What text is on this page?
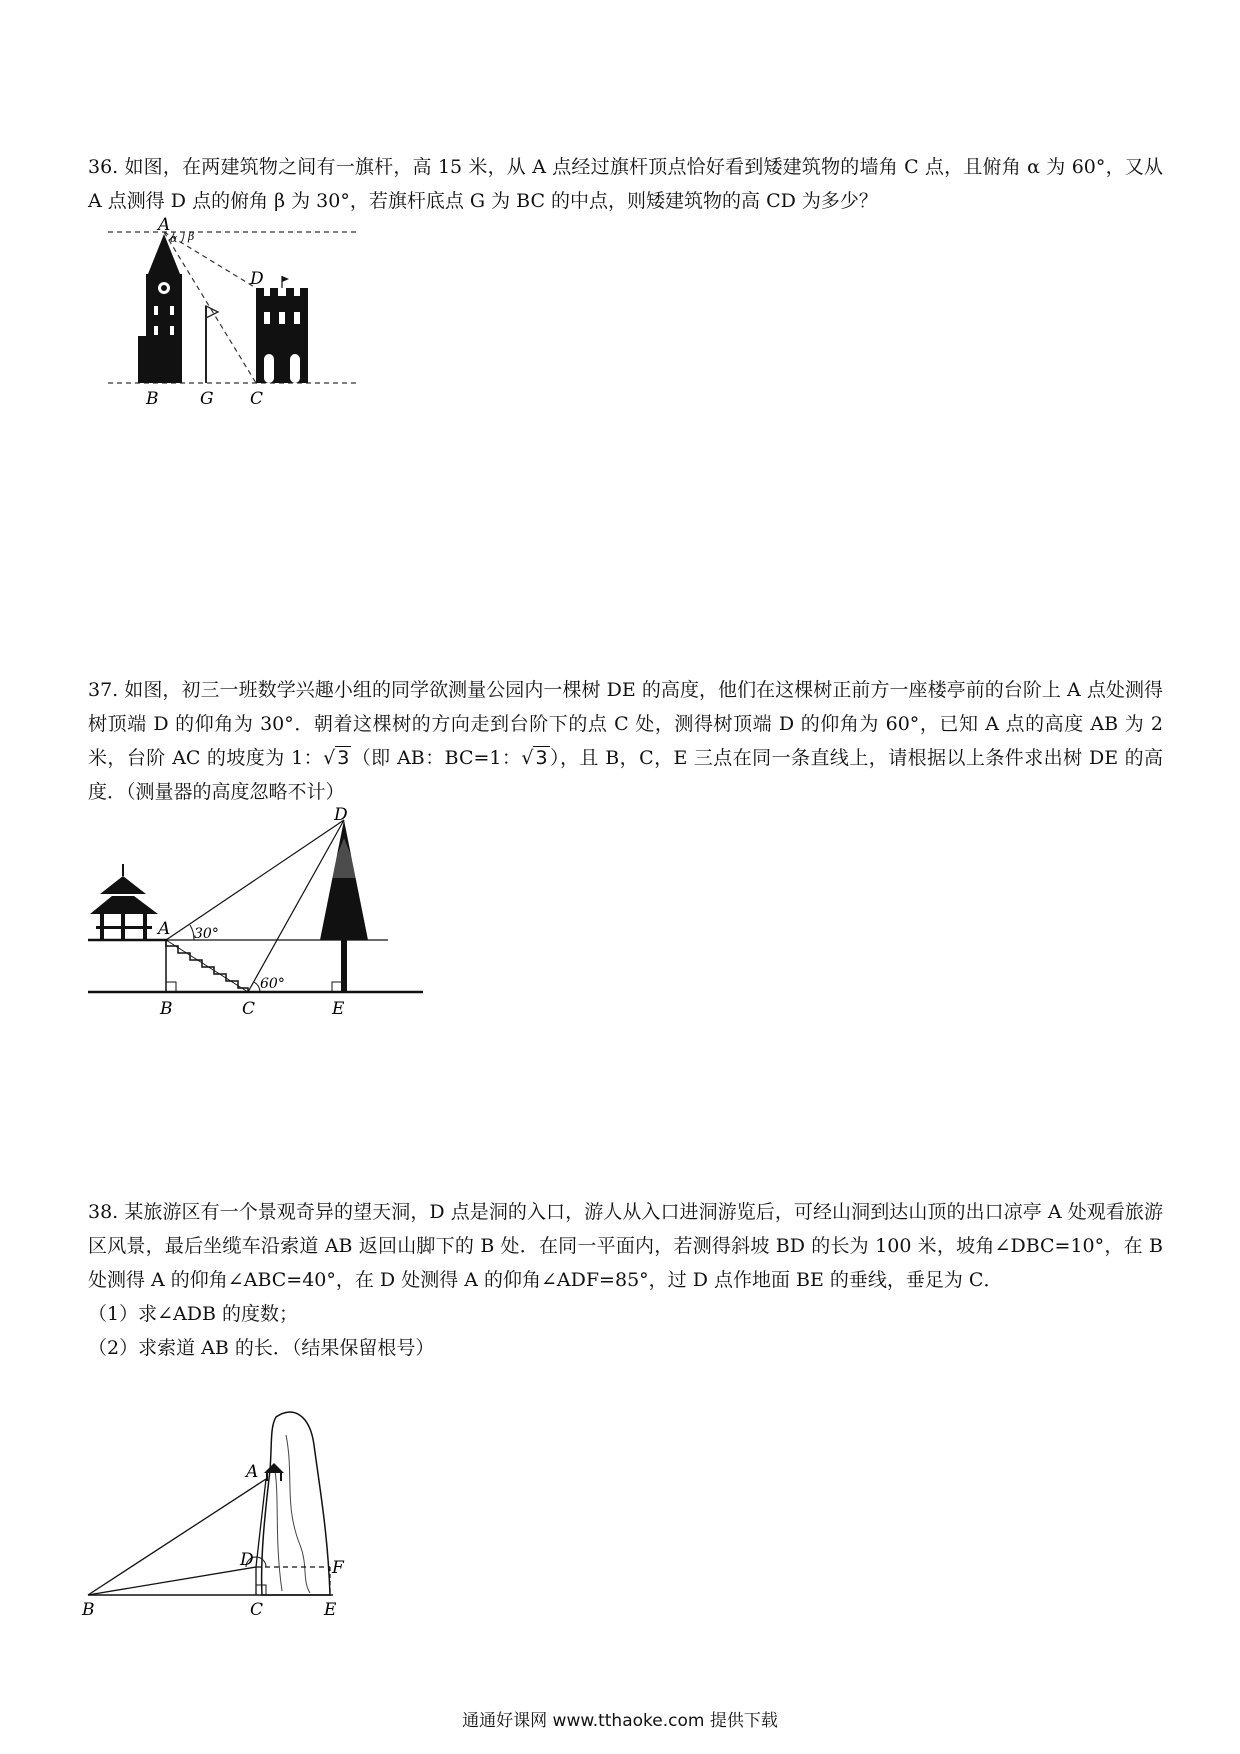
36. 如图，在两建筑物之间有一旗杆，高 15 米，从 A 点经过旗杆顶点恰好看到矮建筑物的墙角 C 点，且俯角 α 为 60°，又从 A 点测得 D 点的俯角 β 为 30°，若旗杆底点 G 为 BC 的中点，则矮建筑物的高 CD 为多少？

A
α β
D
B G C

37. 如图，初三一班数学兴趣小组的同学欲测量公园内一棵树 DE 的高度，他们在这棵树正前方一座楼亭前的台阶上 A 点处测得树顶端 D 的仰角为 30°．朝着这棵树的方向走到台阶下的点 C 处，测得树顶端 D 的仰角为 60°，已知 A 点的高度 AB 为 2 米，台阶 AC 的坡度为 1：√ 3 （即 AB：BC=1：√ 3 ），且 B，C，E 三点在同一条直线上，请根据以上条件求出树 DE 的高度．（测量器的高度忽略不计）

A 30°
60°
D
B	C	E

38. 某旅游区有一个景观奇异的望天洞，D 点是洞的入口，游人从入口进洞游览后，可经山洞到达山顶的出口凉亭 A 处观看旅游区风景，最后坐缆车沿索道 AB 返回山脚下的 B 处．在同一平面内，若测得斜坡 BD 的长为 100 米，坡角∠DBC=10°，在 B 处测得 A 的仰角∠ABC=40°，在 D 处测得 A 的仰角∠ADF=85°，过 D 点作地面 BE 的垂线，垂足为 C．

（1）求∠ADB 的度数；

（2）求索道 AB 的长．（结果保留根号）

A
D	F
B	C	E
通通好课网 www.tthaoke.com 提供下载
